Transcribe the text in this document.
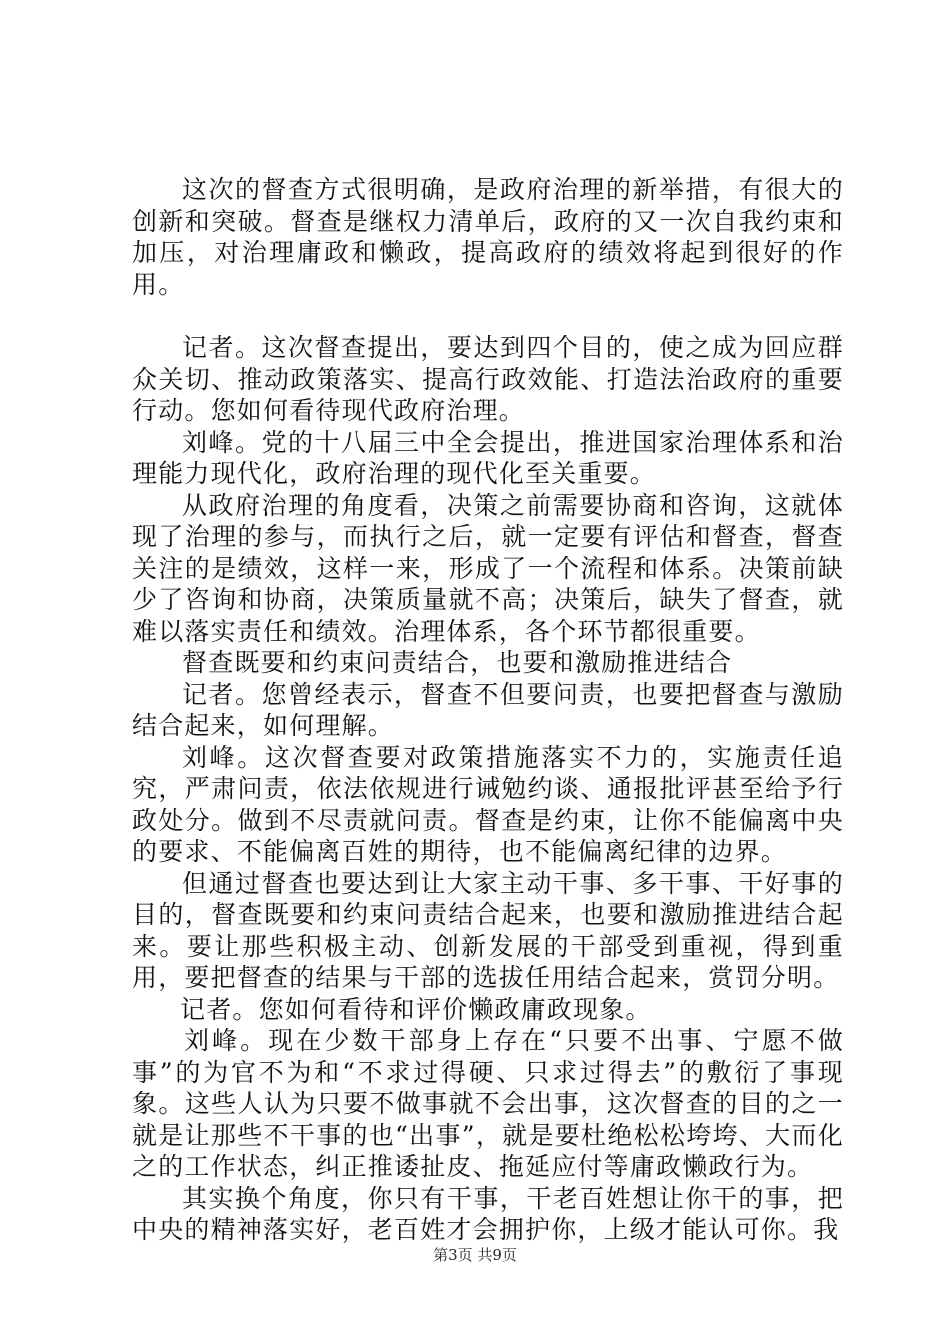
这次的督查方式很明确，是政府治理的新举措，有很大的创新和突破。督查是继权力清单后，政府的又一次自我约束和加压，对治理庸政和懒政，提高政府的绩效将起到很好的作用。

记者。这次督查提出，要达到四个目的，使之成为回应群众关切、推动政策落实、提高行政效能、打造法治政府的重要行动。您如何看待现代政府治理。

刘峰。党的十八届三中全会提出，推进国家治理体系和治理能力现代化，政府治理的现代化至关重要。

从政府治理的角度看，决策之前需要协商和咨询，这就体现了治理的参与，而执行之后，就一定要有评估和督查，督查关注的是绩效，这样一来，形成了一个流程和体系。决策前缺少了咨询和协商，决策质量就不高；决策后，缺失了督查，就难以落实责任和绩效。治理体系，各个环节都很重要。

督查既要和约束问责结合，也要和激励推进结合

记者。您曾经表示，督查不但要问责，也要把督查与激励结合起来，如何理解。

刘峰。这次督查要对政策措施落实不力的，实施责任追究，严肃问责，依法依规进行诫勉约谈、通报批评甚至给予行政处分。做到不尽责就问责。督查是约束，让你不能偏离中央的要求、不能偏离百姓的期待，也不能偏离纪律的边界。

但通过督查也要达到让大家主动干事、多干事、干好事的目的，督查既要和约束问责结合起来，也要和激励推进结合起来。要让那些积极主动、创新发展的干部受到重视，得到重用，要把督查的结果与干部的选拔任用结合起来，赏罚分明。

记者。您如何看待和评价懒政庸政现象。

刘峰。现在少数干部身上存在“只要不出事、宁愿不做事”的为官不为和“不求过得硬、只求过得去”的敷衍了事现象。这些人认为只要不做事就不会出事，这次督查的目的之一就是让那些不干事的也“出事”，就是要杜绝松松垮垮、大而化之的工作状态，纠正推诿扯皮、拖延应付等庸政懒政行为。

其实换个角度，你只有干事，干老百姓想让你干的事，把中央的精神落实好，老百姓才会拥护你，上级才能认可你。我

第3页 共9页
